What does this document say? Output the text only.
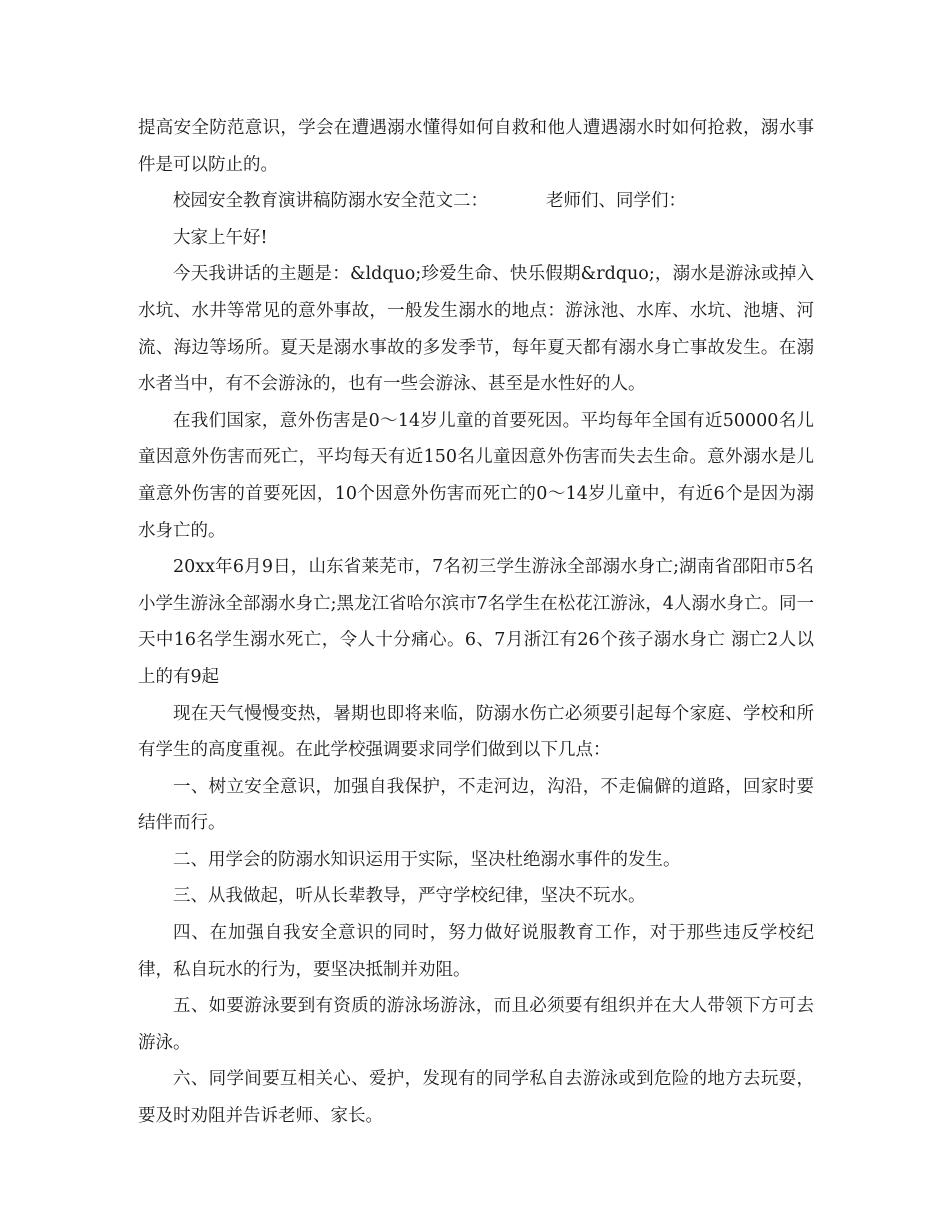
提高安全防范意识，学会在遭遇溺水懂得如何自救和他人遭遇溺水时如何抢救，溺水事件是可以防止的。

校园安全教育演讲稿防溺水安全范文二：	老师们、同学们：

大家上午好!

今天我讲话的主题是：&ldquo;珍爱生命、快乐假期&rdquo;，溺水是游泳或掉入水坑、水井等常见的意外事故，一般发生溺水的地点：游泳池、水库、水坑、池塘、河流、海边等场所。夏天是溺水事故的多发季节，每年夏天都有溺水身亡事故发生。在溺水者当中，有不会游泳的，也有一些会游泳、甚至是水性好的人。

在我们国家，意外伤害是0～14岁儿童的首要死因。平均每年全国有近50000名儿童因意外伤害而死亡，平均每天有近150名儿童因意外伤害而失去生命。意外溺水是儿童意外伤害的首要死因，10个因意外伤害而死亡的0～14岁儿童中，有近6个是因为溺水身亡的。

20xx年6月9日，山东省莱芜市，7名初三学生游泳全部溺水身亡;湖南省邵阳市5名小学生游泳全部溺水身亡;黑龙江省哈尔滨市7名学生在松花江游泳，4人溺水身亡。同一天中16名学生溺水死亡，令人十分痛心。6、7月浙江有26个孩子溺水身亡 溺亡2人以上的有9起

现在天气慢慢变热，暑期也即将来临，防溺水伤亡必须要引起每个家庭、学校和所有学生的高度重视。在此学校强调要求同学们做到以下几点：

一、树立安全意识，加强自我保护，不走河边，沟沿，不走偏僻的道路，回家时要结伴而行。

二、用学会的防溺水知识运用于实际，坚决杜绝溺水事件的发生。

三、从我做起，听从长辈教导，严守学校纪律，坚决不玩水。

四、在加强自我安全意识的同时，努力做好说服教育工作，对于那些违反学校纪律，私自玩水的行为，要坚决抵制并劝阻。

五、如要游泳要到有资质的游泳场游泳，而且必须要有组织并在大人带领下方可去游泳。

六、同学间要互相关心、爱护，发现有的同学私自去游泳或到危险的地方去玩耍，要及时劝阻并告诉老师、家长。
